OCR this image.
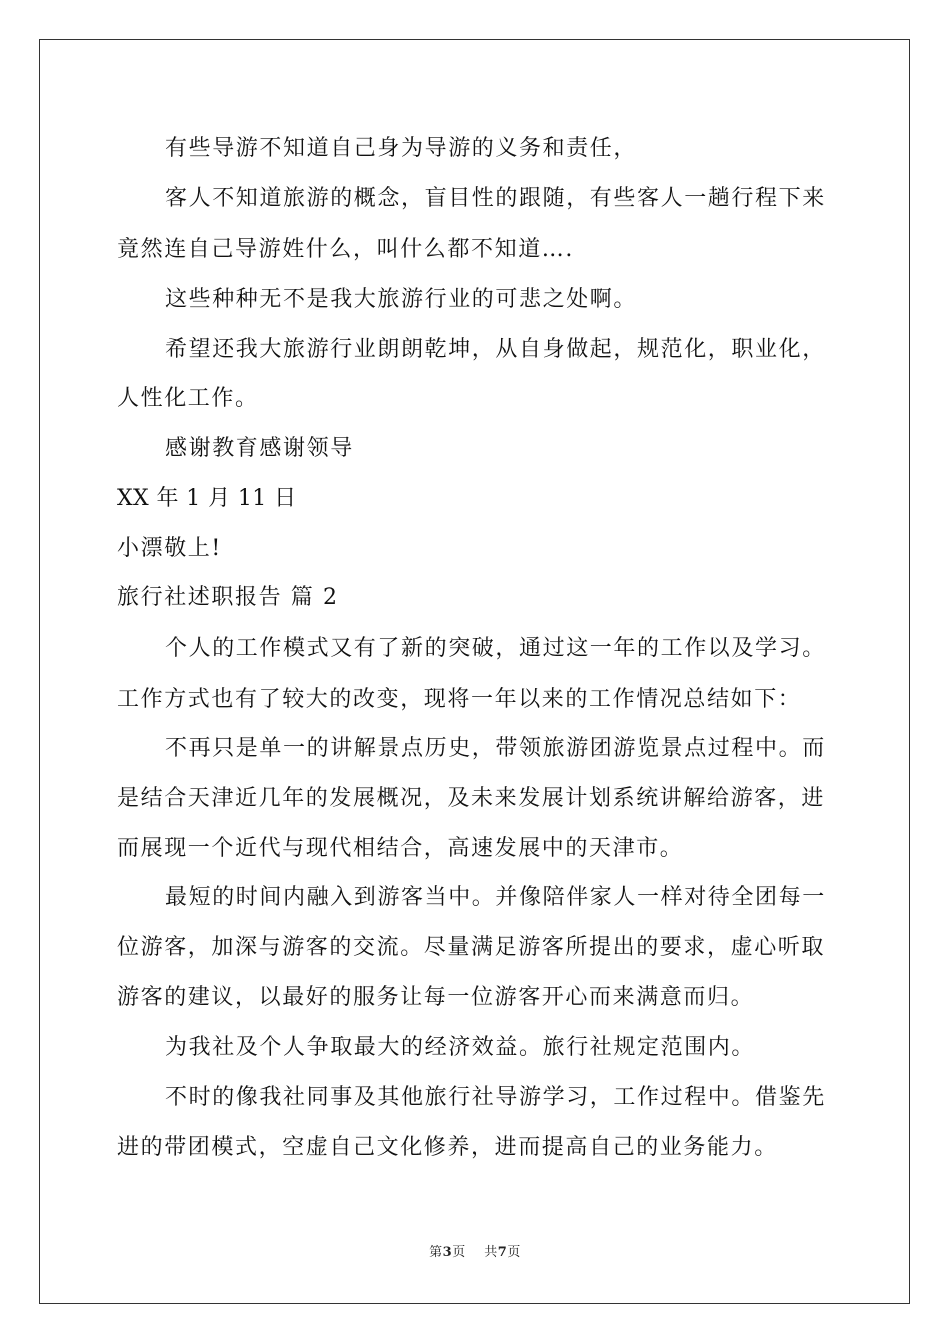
有些导游不知道自己身为导游的义务和责任，
客人不知道旅游的概念，盲目性的跟随，有些客人一趟行程下来
竟然连自己导游姓什么，叫什么都不知道….
这些种种无不是我大旅游行业的可悲之处啊。
希望还我大旅游行业朗朗乾坤，从自身做起，规范化，职业化，
人性化工作。
感谢教育感谢领导
XX 年 1 月 11 日
小漂敬上!
旅行社述职报告 篇 2
个人的工作模式又有了新的突破，通过这一年的工作以及学习。
工作方式也有了较大的改变，现将一年以来的工作情况总结如下：
不再只是单一的讲解景点历史，带领旅游团游览景点过程中。而
是结合天津近几年的发展概况，及未来发展计划系统讲解给游客，进
而展现一个近代与现代相结合，高速发展中的天津市。
最短的时间内融入到游客当中。并像陪伴家人一样对待全团每一
位游客，加深与游客的交流。尽量满足游客所提出的要求，虚心听取
游客的建议，以最好的服务让每一位游客开心而来满意而归。
为我社及个人争取最大的经济效益。旅行社规定范围内。
不时的像我社同事及其他旅行社导游学习，工作过程中。借鉴先
进的带团模式，空虚自己文化修养，进而提高自己的业务能力。
第3页 共7页
